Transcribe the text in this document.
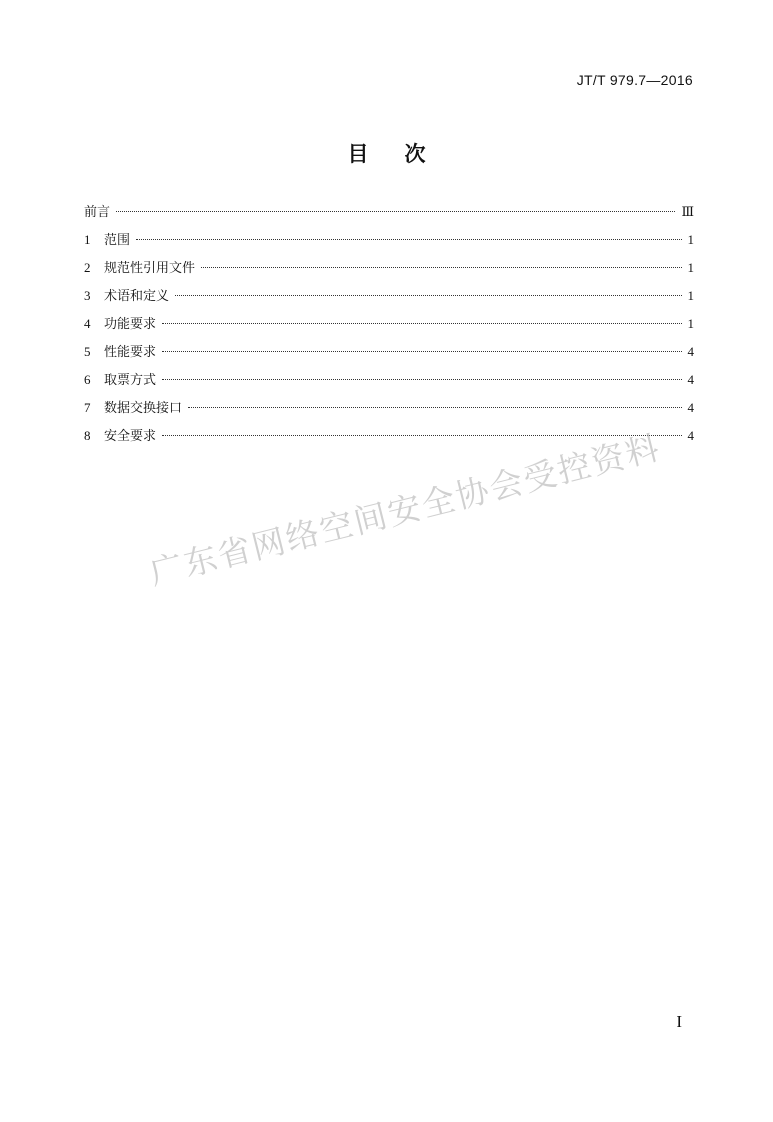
JT/T 979.7—2016
目次
前言	Ⅲ
1	范围	1
2	规范性引用文件	1
3	术语和定义	1
4	功能要求	1
5	性能要求	4
6	取票方式	4
7	数据交换接口	4
8	安全要求	4
广东省网络空间安全协会受控资料
I
